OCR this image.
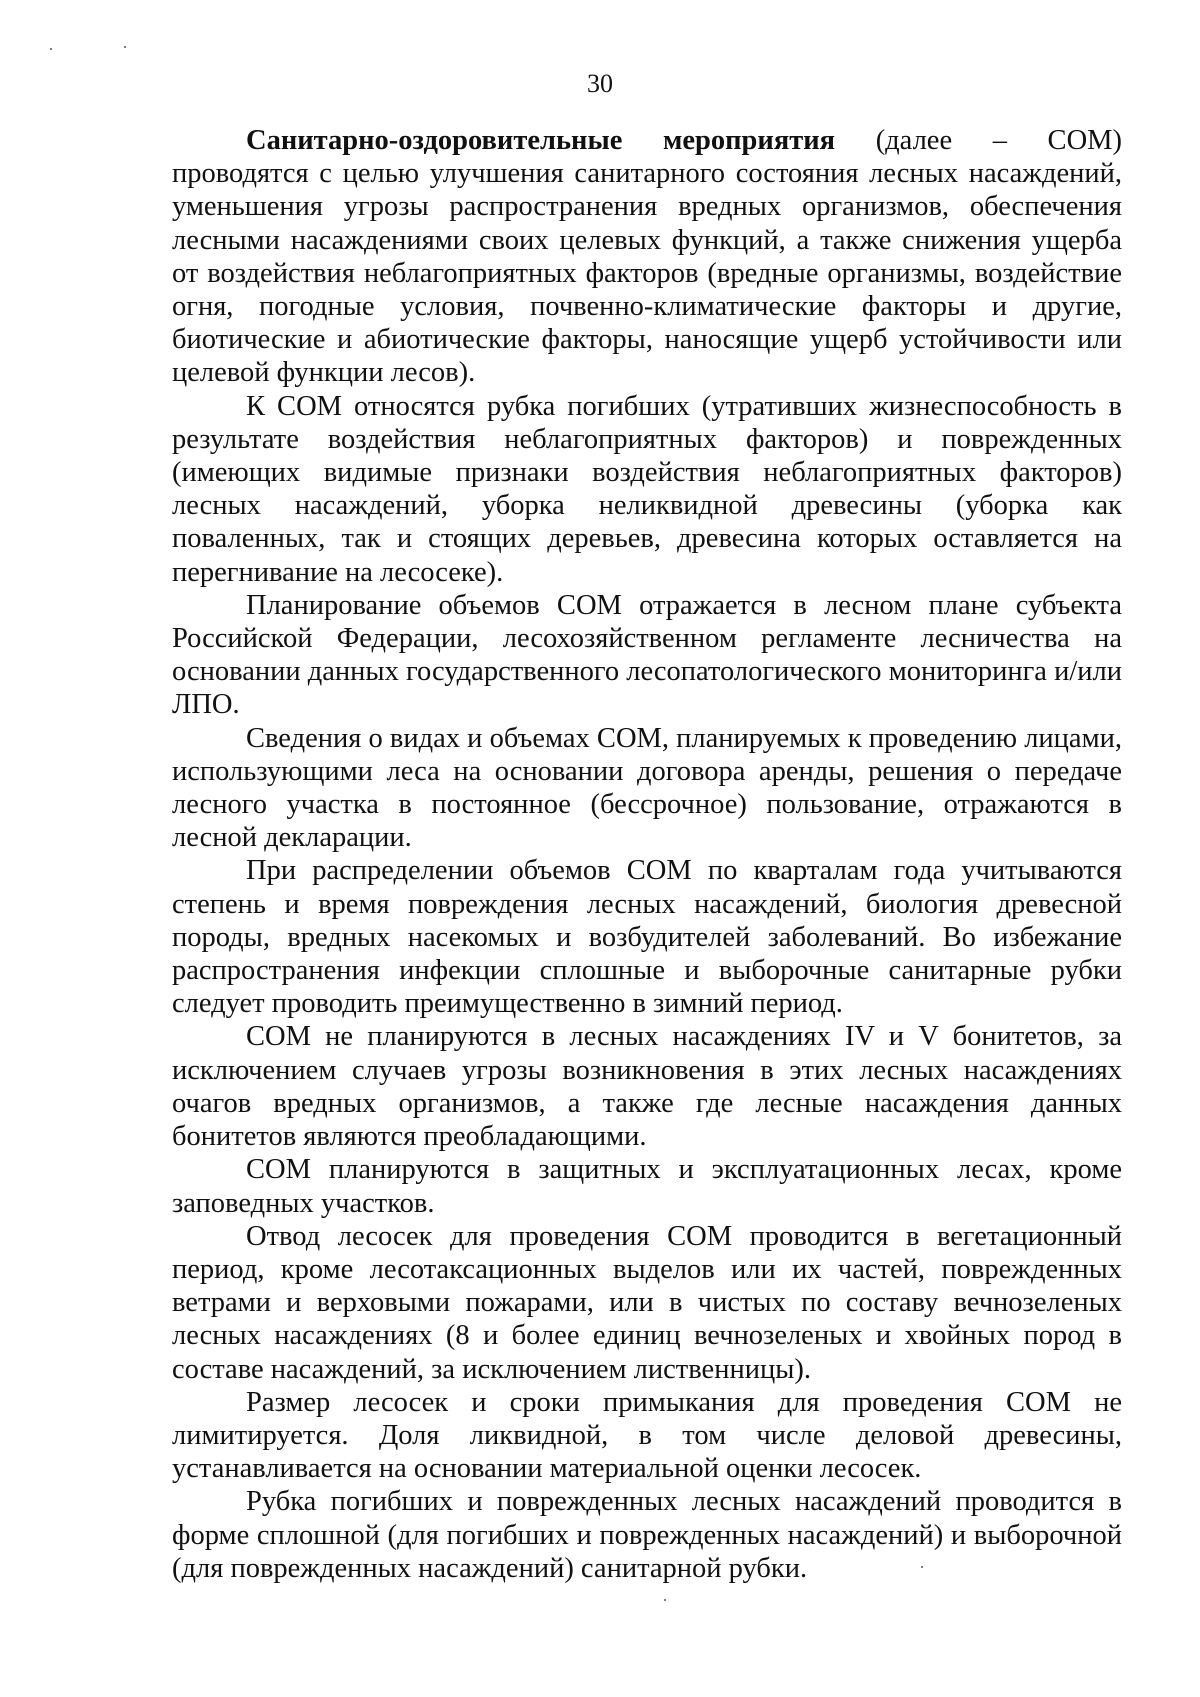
30

Санитарно-оздоровительные мероприятия (далее – СОМ) проводятся с целью улучшения санитарного состояния лесных насаждений, уменьшения угрозы распространения вредных организмов, обеспечения лесными насаждениями своих целевых функций, а также снижения ущерба от воздействия неблагоприятных факторов (вредные организмы, воздействие огня, погодные условия, почвенно-климатические факторы и другие, биотические и абиотические факторы, наносящие ущерб устойчивости или целевой функции лесов).

К СОМ относятся рубка погибших (утративших жизнеспособность в результате воздействия неблагоприятных факторов) и поврежденных (имеющих видимые признаки воздействия неблагоприятных факторов) лесных насаждений, уборка неликвидной древесины (уборка как поваленных, так и стоящих деревьев, древесина которых оставляется на перегнивание на лесосеке).

Планирование объемов СОМ отражается в лесном плане субъекта Российской Федерации, лесохозяйственном регламенте лесничества на основании данных государственного лесопатологического мониторинга и/или ЛПО.

Сведения о видах и объемах СОМ, планируемых к проведению лицами, использующими леса на основании договора аренды, решения о передаче лесного участка в постоянное (бессрочное) пользование, отражаются в лесной декларации.

При распределении объемов СОМ по кварталам года учитываются степень и время повреждения лесных насаждений, биология древесной породы, вредных насекомых и возбудителей заболеваний. Во избежание распространения инфекции сплошные и выборочные санитарные рубки следует проводить преимущественно в зимний период.

СОМ не планируются в лесных насаждениях IV и V бонитетов, за исключением случаев угрозы возникновения в этих лесных насаждениях очагов вредных организмов, а также где лесные насаждения данных бонитетов являются преобладающими.

СОМ планируются в защитных и эксплуатационных лесах, кроме заповедных участков.

Отвод лесосек для проведения СОМ проводится в вегетационный период, кроме лесотаксационных выделов или их частей, поврежденных ветрами и верховыми пожарами, или в чистых по составу вечнозеленых лесных насаждениях (8 и более единиц вечнозеленых и хвойных пород в составе насаждений, за исключением лиственницы).

Размер лесосек и сроки примыкания для проведения СОМ не лимитируется. Доля ликвидной, в том числе деловой древесины, устанавливается на основании материальной оценки лесосек.

Рубка погибших и поврежденных лесных насаждений проводится в форме сплошной (для погибших и поврежденных насаждений) и выборочной (для поврежденных насаждений) санитарной рубки.
